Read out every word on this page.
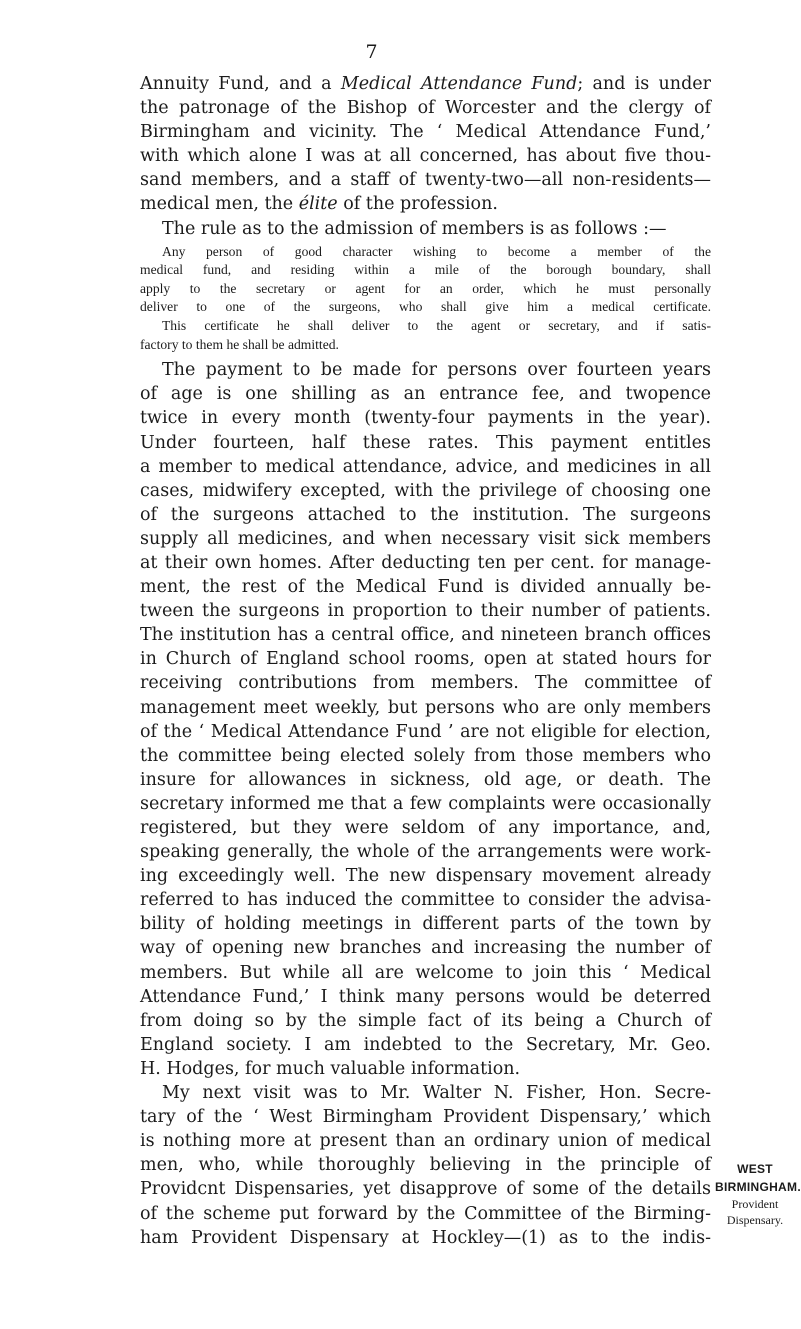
7
Annuity Fund, and a Medical Attendance Fund; and is under
the patronage of the Bishop of Worcester and the clergy of
Birmingham and vicinity. The ‘ Medical Attendance Fund,’
with which alone I was at all concerned, has about five thou-
sand members, and a staff of twenty-two—all non-residents—
medical men, the élite of the profession.
The rule as to the admission of members is as follows :—
Any person of good character wishing to become a member of the
medical fund, and residing within a mile of the borough boundary, shall
apply to the secretary or agent for an order, which he must personally
deliver to one of the surgeons, who shall give him a medical certificate.
This certificate he shall deliver to the agent or secretary, and if satis-
factory to them he shall be admitted.
The payment to be made for persons over fourteen years
of age is one shilling as an entrance fee, and twopence
twice in every month (twenty-four payments in the year).
Under fourteen, half these rates. This payment entitles
a member to medical attendance, advice, and medicines in all
cases, midwifery excepted, with the privilege of choosing one
of the surgeons attached to the institution. The surgeons
supply all medicines, and when necessary visit sick members
at their own homes. After deducting ten per cent. for manage-
ment, the rest of the Medical Fund is divided annually be-
tween the surgeons in proportion to their number of patients.
The institution has a central office, and nineteen branch offices
in Church of England school rooms, open at stated hours for
receiving contributions from members. The committee of
management meet weekly, but persons who are only members
of the ‘ Medical Attendance Fund ’ are not eligible for election,
the committee being elected solely from those members who
insure for allowances in sickness, old age, or death. The
secretary informed me that a few complaints were occasionally
registered, but they were seldom of any importance, and,
speaking generally, the whole of the arrangements were work-
ing exceedingly well. The new dispensary movement already
referred to has induced the committee to consider the advisa-
bility of holding meetings in different parts of the town by
way of opening new branches and increasing the number of
members. But while all are welcome to join this ‘ Medical
Attendance Fund,’ I think many persons would be deterred
from doing so by the simple fact of its being a Church of
England society. I am indebted to the Secretary, Mr. Geo.
H. Hodges, for much valuable information.
My next visit was to Mr. Walter N. Fisher, Hon. Secre-
tary of the ‘ West Birmingham Provident Dispensary,’ which
is nothing more at present than an ordinary union of medical
men, who, while thoroughly believing in the principle of
Providcnt Dispensaries, yet disapprove of some of the details
of the scheme put forward by the Committee of the Birming-
ham Provident Dispensary at Hockley—(1) as to the indis-
WEST
BIRMINGHAM.
Provident
Dispensary.
